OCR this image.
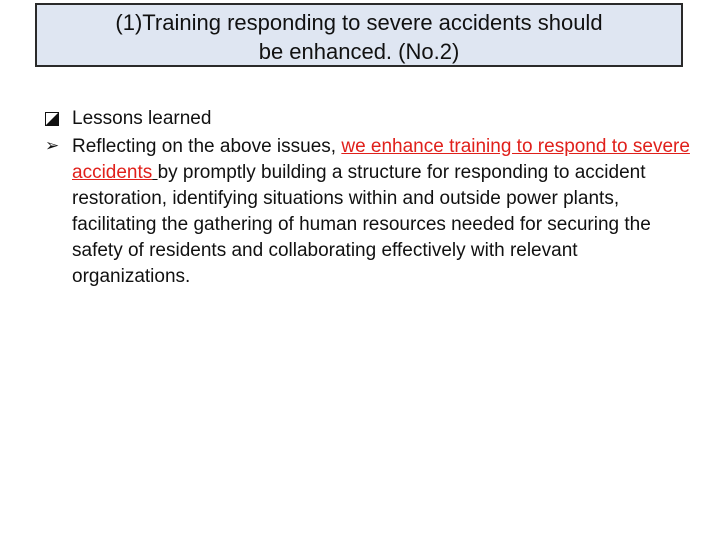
(1)Training responding to severe accidents should
be enhanced. (No.2)

Lessons learned

➢ Reflecting on the above issues, we enhance training to respond to severe accidents by promptly building a structure for responding to accident restoration, identifying situations within and outside power plants, facilitating the gathering of human resources needed for securing the safety of residents and collaborating effectively with relevant organizations.
